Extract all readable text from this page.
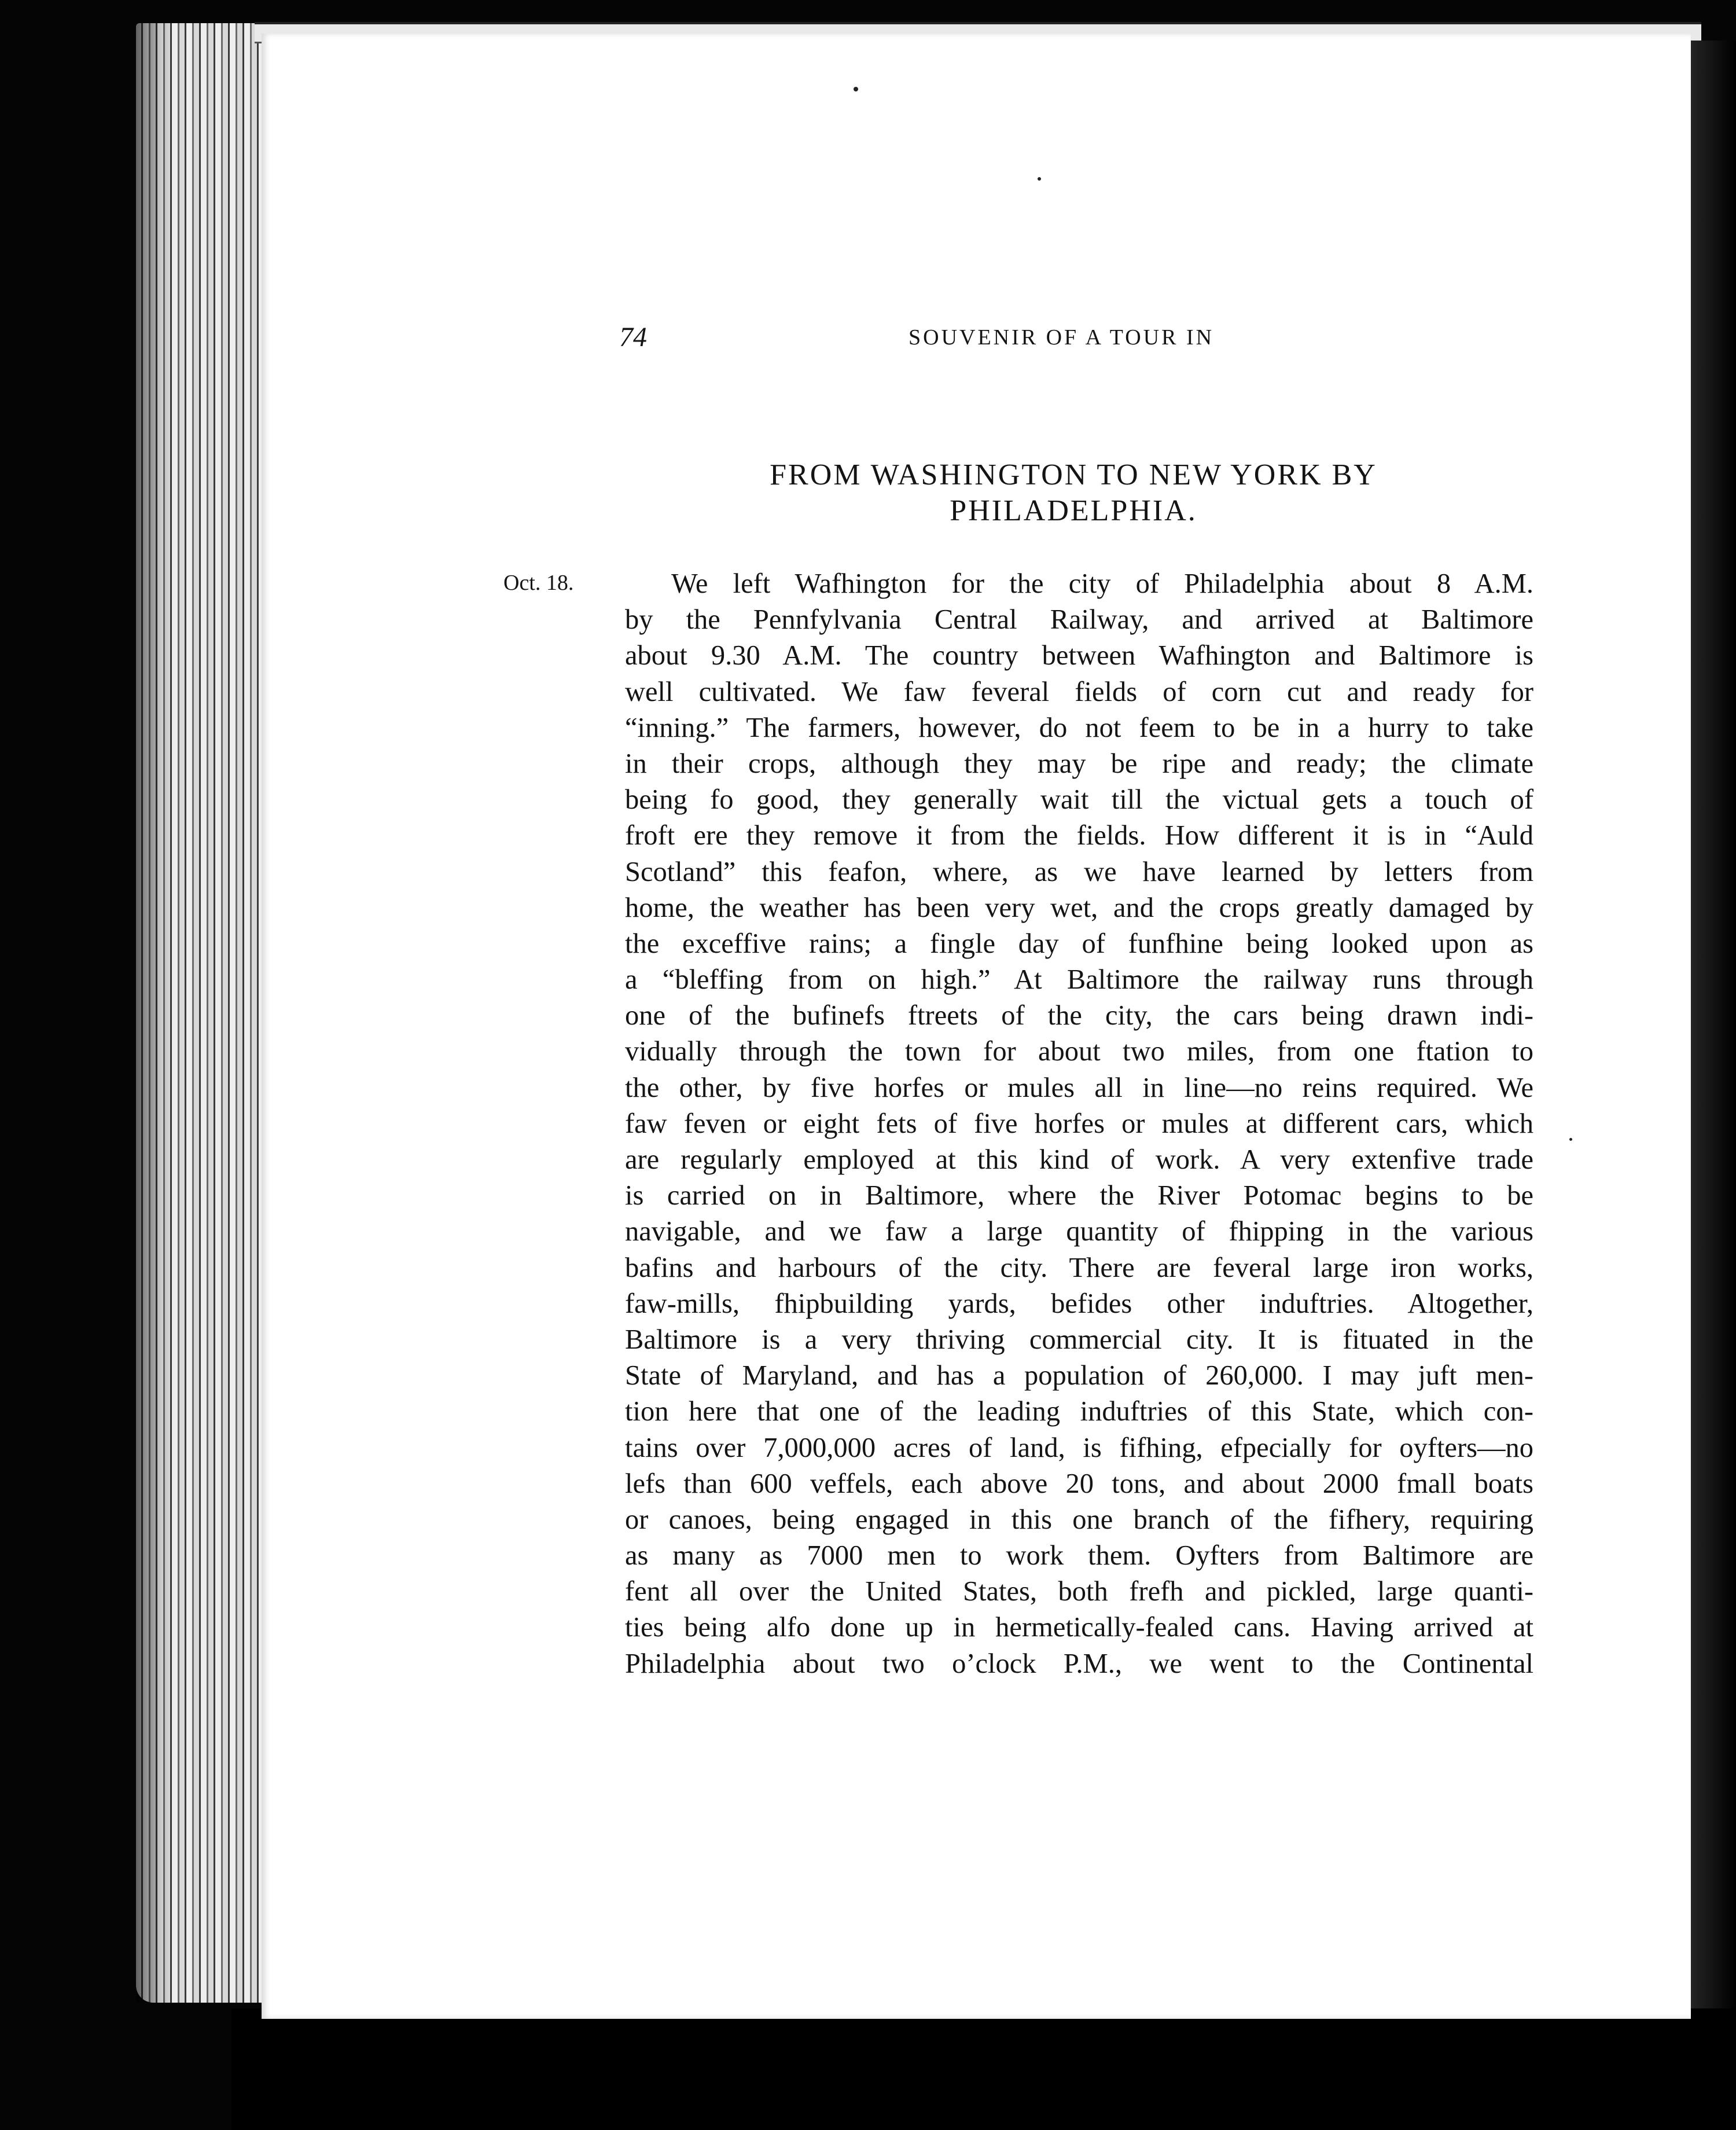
74	SOUVENIR OF A TOUR IN
FROM WASHINGTON TO NEW YORK BY
PHILADELPHIA.
Oct. 18.	We left Wafhington for the city of Philadelphia about 8 A.M.
by the Pennfylvania Central Railway, and arrived at Baltimore
about 9.30 A.M. The country between Wafhington and Baltimore is
well cultivated. We faw feveral fields of corn cut and ready for
“inning.” The farmers, however, do not feem to be in a hurry to take
in their crops, although they may be ripe and ready; the climate
being fo good, they generally wait till the victual gets a touch of
froft ere they remove it from the fields. How different it is in “Auld
Scotland” this feafon, where, as we have learned by letters from
home, the weather has been very wet, and the crops greatly damaged by
the exceffive rains; a fingle day of funfhine being looked upon as
a “bleffing from on high.” At Baltimore the railway runs through
one of the bufinefs ftreets of the city, the cars being drawn indi-
vidually through the town for about two miles, from one ftation to
the other, by five horfes or mules all in line—no reins required. We
faw feven or eight fets of five horfes or mules at different cars, which
are regularly employed at this kind of work. A very extenfive trade
is carried on in Baltimore, where the River Potomac begins to be
navigable, and we faw a large quantity of fhipping in the various
bafins and harbours of the city. There are feveral large iron works,
faw-mills, fhipbuilding yards, befides other induftries. Altogether,
Baltimore is a very thriving commercial city. It is fituated in the
State of Maryland, and has a population of 260,000. I may juft men-
tion here that one of the leading induftries of this State, which con-
tains over 7,000,000 acres of land, is fifhing, efpecially for oyfters—no
lefs than 600 veffels, each above 20 tons, and about 2000 fmall boats
or canoes, being engaged in this one branch of the fifhery, requiring
as many as 7000 men to work them. Oyfters from Baltimore are
fent all over the United States, both frefh and pickled, large quanti-
ties being alfo done up in hermetically-fealed cans. Having arrived at
Philadelphia about two o’clock P.M., we went to the Continental
